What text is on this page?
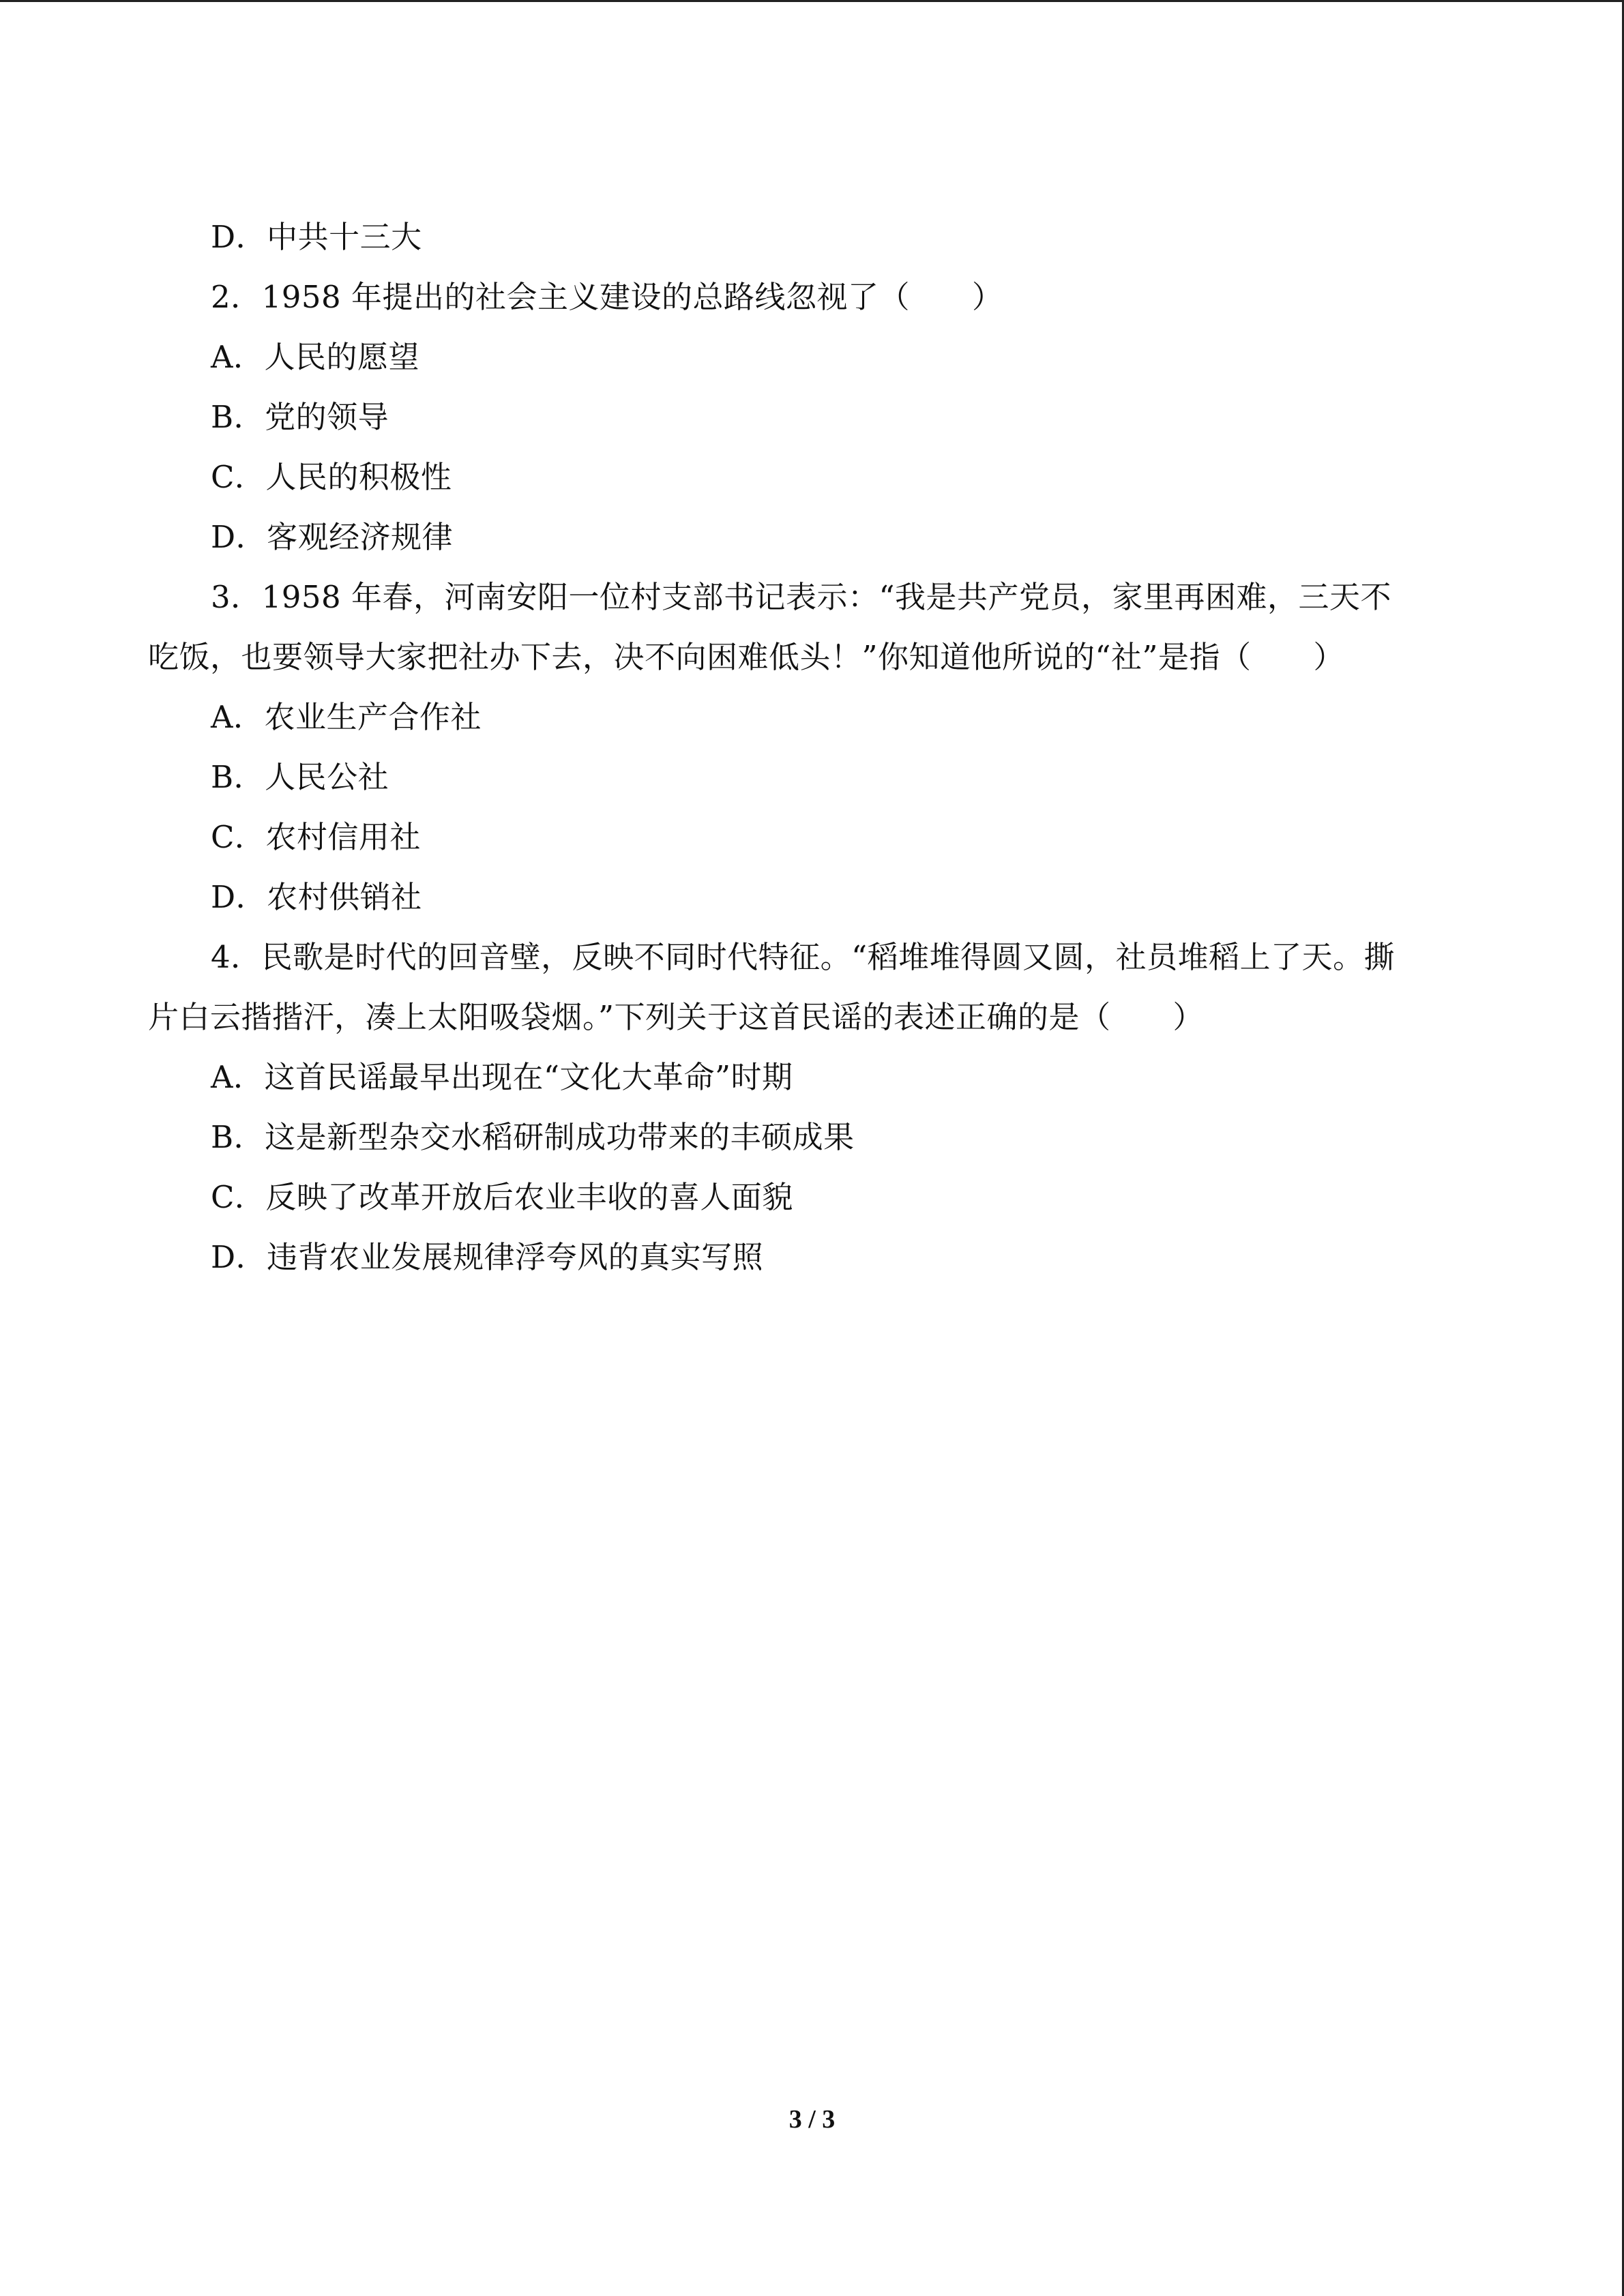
D．中共十三大
2．1958 年提出的社会主义建设的总路线忽视了（　　）
A．人民的愿望
B．党的领导
C．人民的积极性
D．客观经济规律
3．1958 年春，河南安阳一位村支部书记表示：“我是共产党员，家里再困难，三天不
吃饭，也要领导大家把社办下去，决不向困难低头！”你知道他所说的“社”是指（　　）
A．农业生产合作社
B．人民公社
C．农村信用社
D．农村供销社
4．民歌是时代的回音壁，反映不同时代特征。“稻堆堆得圆又圆，社员堆稻上了天。撕
片白云揩揩汗，凑上太阳吸袋烟。”下列关于这首民谣的表述正确的是（　　）
A．这首民谣最早出现在“文化大革命”时期
B．这是新型杂交水稻研制成功带来的丰硕成果
C．反映了改革开放后农业丰收的喜人面貌
D．违背农业发展规律浮夸风的真实写照
3 / 3
